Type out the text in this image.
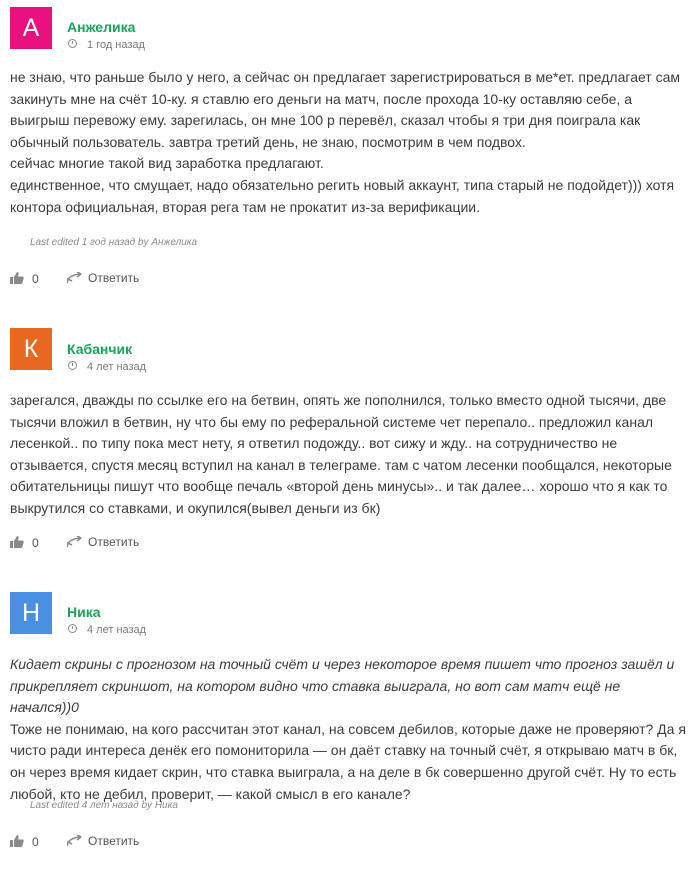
A	Анжелика
1 год назад
не знаю, что раньше было у него, а сейчас он предлагает зарегистрироваться в ме*ет. предлагает сам закинуть мне на счёт 10-ку. я ставлю его деньги на матч, после прохода 10-ку оставляю себе, а выигрыш перевожу ему. зарегилась, он мне 100 р перевёл, сказал чтобы я три дня поиграла как обычный пользователь. завтра третий день, не знаю, посмотрим в чем подвох.
сейчас многие такой вид заработка предлагают.
единственное, что смущает, надо обязательно регить новый аккаунт, типа старый не подойдет))) хотя контора официальная, вторая рега там не прокатит из-за верификации.
Last edited 1 год назад by Анжелика
0	Ответить
К	Кабанчик
4 лет назад
зарегался, дважды по ссылке его на бетвин, опять же пополнился, только вместо одной тысячи, две тысячи вложил в бетвин, ну что бы ему по реферальной системе чет перепало.. предложил канал лесенкой.. по типу пока мест нету, я ответил подожду.. вот сижу и жду.. на сотрудничество не отзывается, спустя месяц вступил на канал в телеграме. там с чатом лесенки пообщался, некоторые обитательницы пишут что вообще печаль «второй день минусы».. и так далее… хорошо что я как то выкрутился со ставками, и окупился(вывел деньги из бк)
0	Ответить
Н	Ника
4 лет назад
Кидает скрины с прогнозом на точный счёт и через некоторое время пишет что прогноз зашёл и прикрепляет скриншот, на котором видно что ставка выиграла, но вот сам матч ещё не начался))0
Тоже не понимаю, на кого рассчитан этот канал, на совсем дебилов, которые даже не проверяют? Да я чисто ради интереса денёк его помониторила — он даёт ставку на точный счёт, я открываю матч в бк, он через время кидает скрин, что ставка выиграла, а на деле в бк совершенно другой счёт. Ну то есть любой, кто не дебил, проверит, — какой смысл в его канале?
Last edited 4 лет назад by Ника
0	Ответить
